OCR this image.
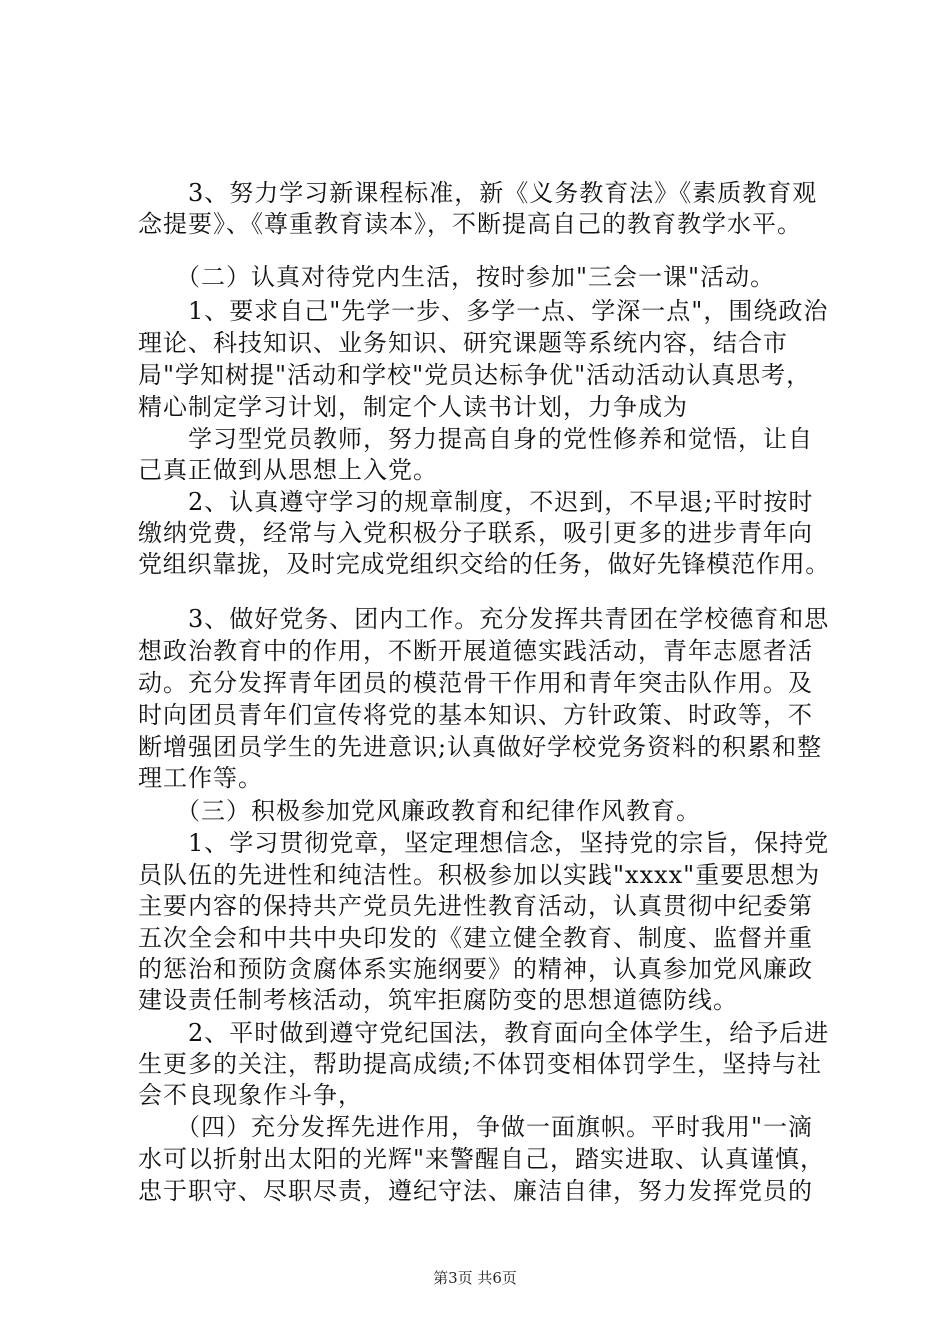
　　3、努力学习新课程标准，新《义务教育法》《素质教育观
念提要》、《尊重教育读本》，不断提高自己的教育教学水平。
　　（二）认真对待党内生活，按时参加"三会一课"活动。
　　1、要求自己"先学一步、多学一点、学深一点"，围绕政治
理论、科技知识、业务知识、研究课题等系统内容，结合市
局"学知树提"活动和学校"党员达标争优"活动活动认真思考，
精心制定学习计划，制定个人读书计划，力争成为
　　学习型党员教师，努力提高自身的党性修养和觉悟，让自
己真正做到从思想上入党。
　　2、认真遵守学习的规章制度，不迟到，不早退;平时按时
缴纳党费，经常与入党积极分子联系，吸引更多的进步青年向
党组织靠拢，及时完成党组织交给的任务，做好先锋模范作用。
　　3、做好党务、团内工作。充分发挥共青团在学校德育和思
想政治教育中的作用，不断开展道德实践活动，青年志愿者活
动。充分发挥青年团员的模范骨干作用和青年突击队作用。及
时向团员青年们宣传将党的基本知识、方针政策、时政等，不
断增强团员学生的先进意识;认真做好学校党务资料的积累和整
理工作等。
　　（三）积极参加党风廉政教育和纪律作风教育。
　　1、学习贯彻党章，坚定理想信念，坚持党的宗旨，保持党
员队伍的先进性和纯洁性。积极参加以实践"xxxx"重要思想为
主要内容的保持共产党员先进性教育活动，认真贯彻中纪委第
五次全会和中共中央印发的《建立健全教育、制度、监督并重
的惩治和预防贪腐体系实施纲要》的精神，认真参加党风廉政
建设责任制考核活动，筑牢拒腐防变的思想道德防线。
　　2、平时做到遵守党纪国法，教育面向全体学生，给予后进
生更多的关注，帮助提高成绩;不体罚变相体罚学生，坚持与社
会不良现象作斗争，
　　（四）充分发挥先进作用，争做一面旗帜。平时我用"一滴
水可以折射出太阳的光辉"来警醒自己，踏实进取、认真谨慎，
忠于职守、尽职尽责，遵纪守法、廉洁自律，努力发挥党员的
第3页 共6页
